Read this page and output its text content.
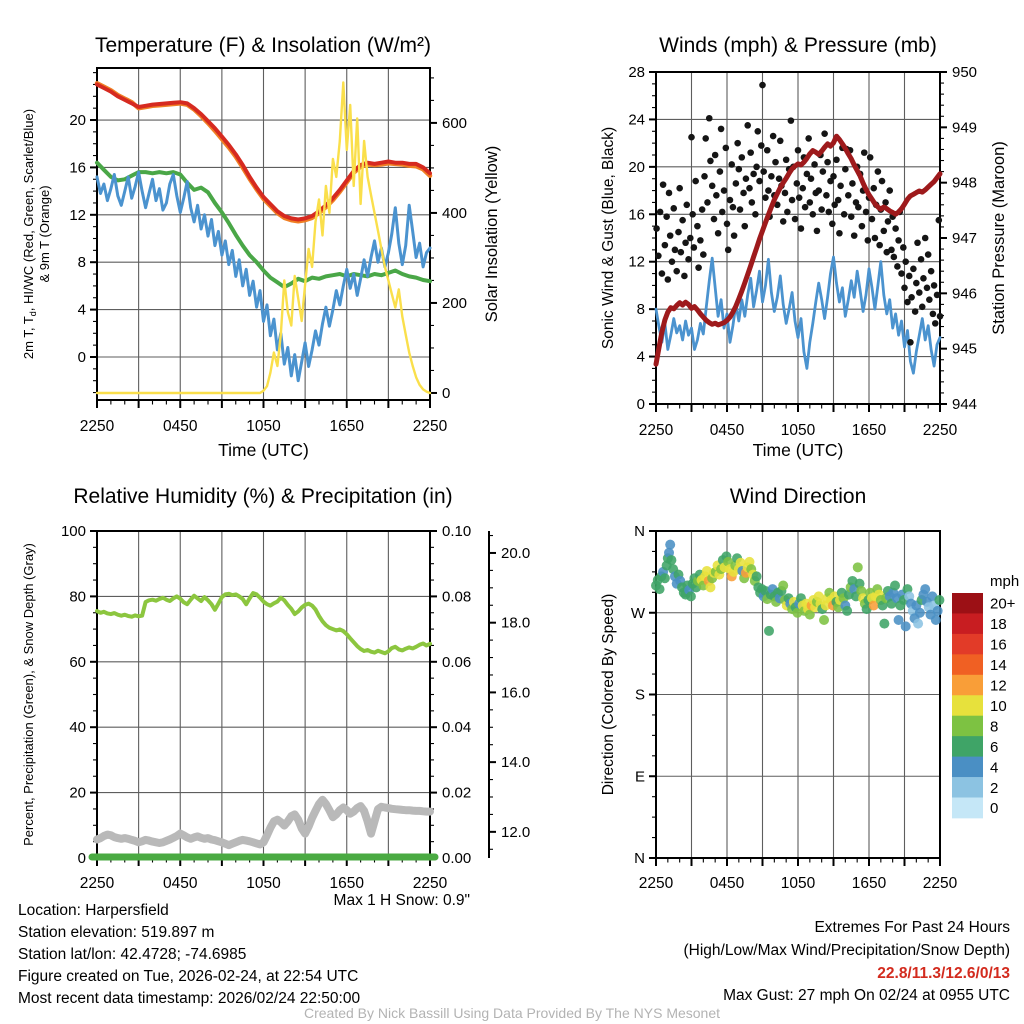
Temperature (F) & Insolation (W/m²)	Winds (mph) & Pressure (mb)
Relative Humidity (%) & Precipitation (in)	Wind Direction
0
4
8
12
16
20
2250	0450	1050	1650	2250
0
200
400
600
2m T, $T_d$, HI/WC (Red, Green, Scarlet/Blue) & 9m T (Orange)	Solar Insolation (Yellow)
Time (UTC)
0
4
8
12
16
20
24
28
2250 0450 1050 1650 2250
944
945
946
947
948
949
950
Sonic Wind & Gust (Blue, Black)	Station Pressure (Maroon)
Time (UTC)
0
20
40
60
80
100
2250	0450	1050	1650	2250
0.00
0.02
0.04
0.06
0.08
0.10
12.0
14.0
16.0
18.0
20.0
Percent, Precipitation (Green), & Snow Depth (Gray)
N
W
S
E
N
2250 0450 1050 1650 2250
Direction (Colored By Speed)
mph
20+
18
16
14
12
10
8
6
4
2
0
Location: Harpersfield
Station elevation: 519.897 m
Station lat/lon: 42.4728; -74.6985
Figure created on Tue, 2026-02-24, at 22:54 UTC
Most recent data timestamp: 2026/02/24 22:50:00
Max 1 H Snow: 0.9"
Extremes For Past 24 Hours
(High/Low/Max Wind/Precipitation/Snow Depth)
22.8/11.3/12.6/0/13
Max Gust: 27 mph On 02/24 at 0955 UTC
Created By Nick Bassill Using Data Provided By The NYS Mesonet
